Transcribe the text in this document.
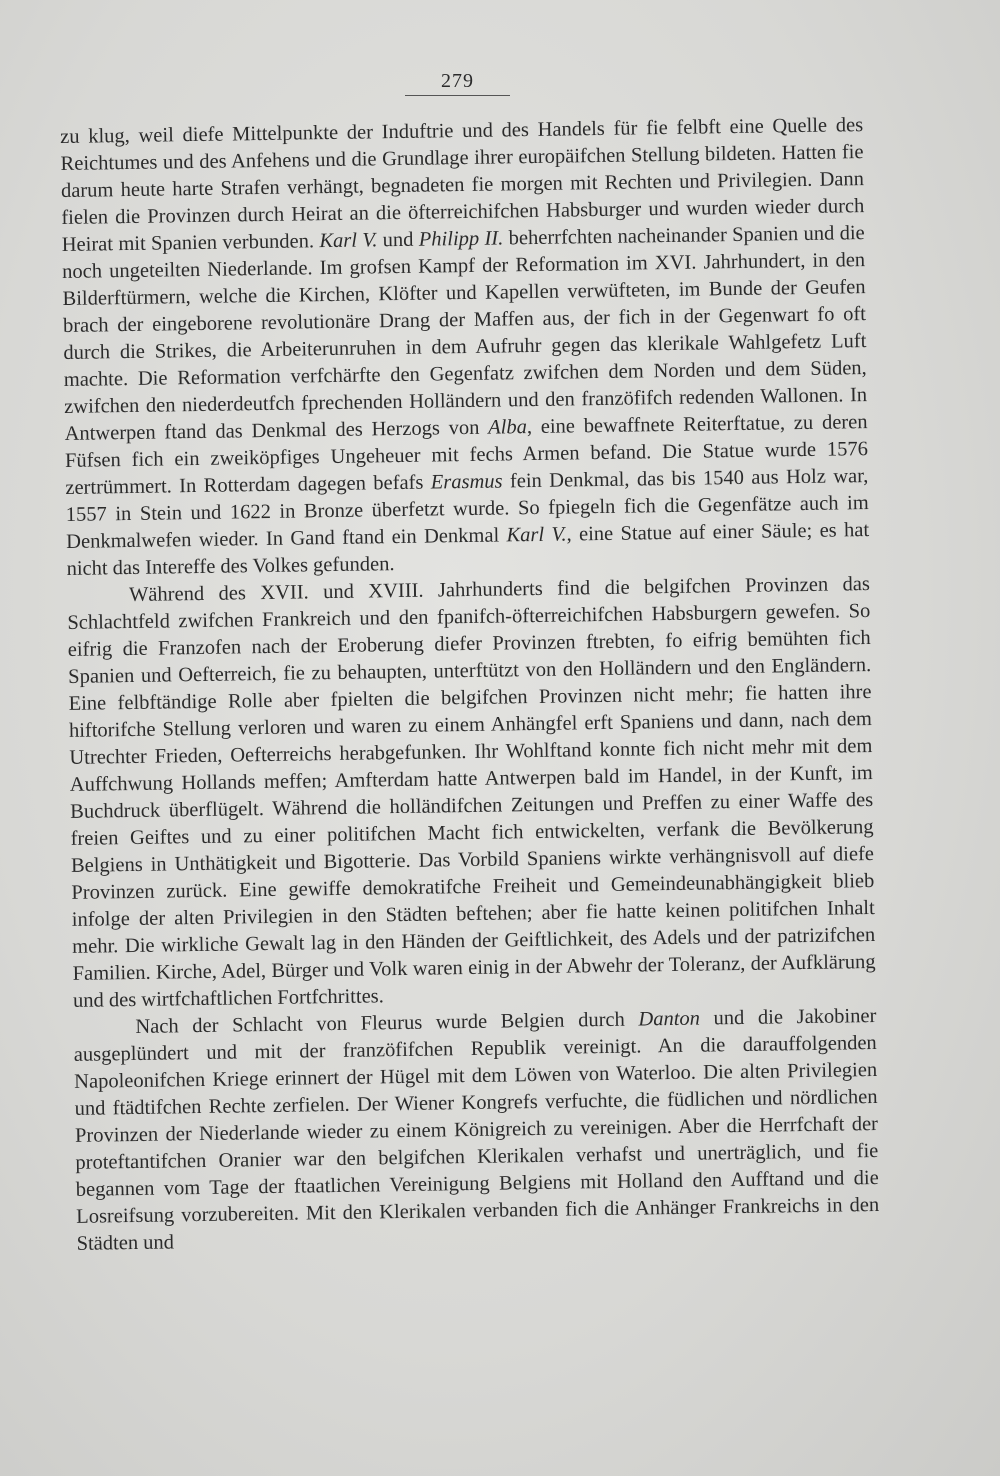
279

zu klug, weil diefe Mittelpunkte der Induftrie und des Handels für fie felbft eine Quelle des Reichtumes und des Anfehens und die Grundlage ihrer europäifchen Stellung bildeten. Hatten fie darum heute harte Strafen verhängt, begnadeten fie morgen mit Rechten und Privilegien. Dann fielen die Provinzen durch Heirat an die öfterreichifchen Habsburger und wurden wieder durch Heirat mit Spanien verbunden. Karl V. und Philipp II. beherrfchten nacheinander Spanien und die noch ungeteilten Niederlande. Im grofsen Kampf der Reformation im XVI. Jahrhundert, in den Bilderftürmern, welche die Kirchen, Klöfter und Kapellen verwüfteten, im Bunde der Geufen brach der eingeborene revolutionäre Drang der Maffen aus, der fich in der Gegenwart fo oft durch die Strikes, die Arbeiterunruhen in dem Aufruhr gegen das klerikale Wahlgefetz Luft machte. Die Reformation verfchärfte den Gegenfatz zwifchen dem Norden und dem Süden, zwifchen den niederdeutfch fprechenden Holländern und den franzöfifch redenden Wallonen. In Antwerpen ftand das Denkmal des Herzogs von Alba, eine bewaffnete Reiterftatue, zu deren Füfsen fich ein zweiköpfiges Ungeheuer mit fechs Armen befand. Die Statue wurde 1576 zertrümmert. In Rotterdam dagegen befafs Erasmus fein Denkmal, das bis 1540 aus Holz war, 1557 in Stein und 1622 in Bronze überfetzt wurde. So fpiegeln fich die Gegenfätze auch im Denkmalwefen wieder. In Gand ftand ein Denkmal Karl V., eine Statue auf einer Säule; es hat nicht das Intereffe des Volkes gefunden.

Während des XVII. und XVIII. Jahrhunderts find die belgifchen Provinzen das Schlachtfeld zwifchen Frankreich und den fpanifch-öfterreichifchen Habsburgern gewefen. So eifrig die Franzofen nach der Eroberung diefer Provinzen ftrebten, fo eifrig bemühten fich Spanien und Oefterreich, fie zu behaupten, unterftützt von den Holländern und den Engländern. Eine felbftändige Rolle aber fpielten die belgifchen Provinzen nicht mehr; fie hatten ihre hiftorifche Stellung verloren und waren zu einem Anhängfel erft Spaniens und dann, nach dem Utrechter Frieden, Oefterreichs herabgefunken. Ihr Wohlftand konnte fich nicht mehr mit dem Auffchwung Hollands meffen; Amfterdam hatte Antwerpen bald im Handel, in der Kunft, im Buchdruck überflügelt. Während die holländifchen Zeitungen und Preffen zu einer Waffe des freien Geiftes und zu einer politifchen Macht fich entwickelten, verfank die Bevölkerung Belgiens in Unthätigkeit und Bigotterie. Das Vorbild Spaniens wirkte verhängnisvoll auf diefe Provinzen zurück. Eine gewiffe demokratifche Freiheit und Gemeindeunabhängigkeit blieb infolge der alten Privilegien in den Städten beftehen; aber fie hatte keinen politifchen Inhalt mehr. Die wirkliche Gewalt lag in den Händen der Geiftlichkeit, des Adels und der patrizifchen Familien. Kirche, Adel, Bürger und Volk waren einig in der Abwehr der Toleranz, der Aufklärung und des wirtfchaftlichen Fortfchrittes.

Nach der Schlacht von Fleurus wurde Belgien durch Danton und die Jakobiner ausgeplündert und mit der franzöfifchen Republik vereinigt. An die darauffolgenden Napoleonifchen Kriege erinnert der Hügel mit dem Löwen von Waterloo. Die alten Privilegien und ftädtifchen Rechte zerfielen. Der Wiener Kongrefs verfuchte, die füdlichen und nördlichen Provinzen der Niederlande wieder zu einem Königreich zu vereinigen. Aber die Herrfchaft der proteftantifchen Oranier war den belgifchen Klerikalen verhafst und unerträglich, und fie begannen vom Tage der ftaatlichen Vereinigung Belgiens mit Holland den Aufftand und die Losreifsung vorzubereiten. Mit den Klerikalen verbanden fich die Anhänger Frankreichs in den Städten und
